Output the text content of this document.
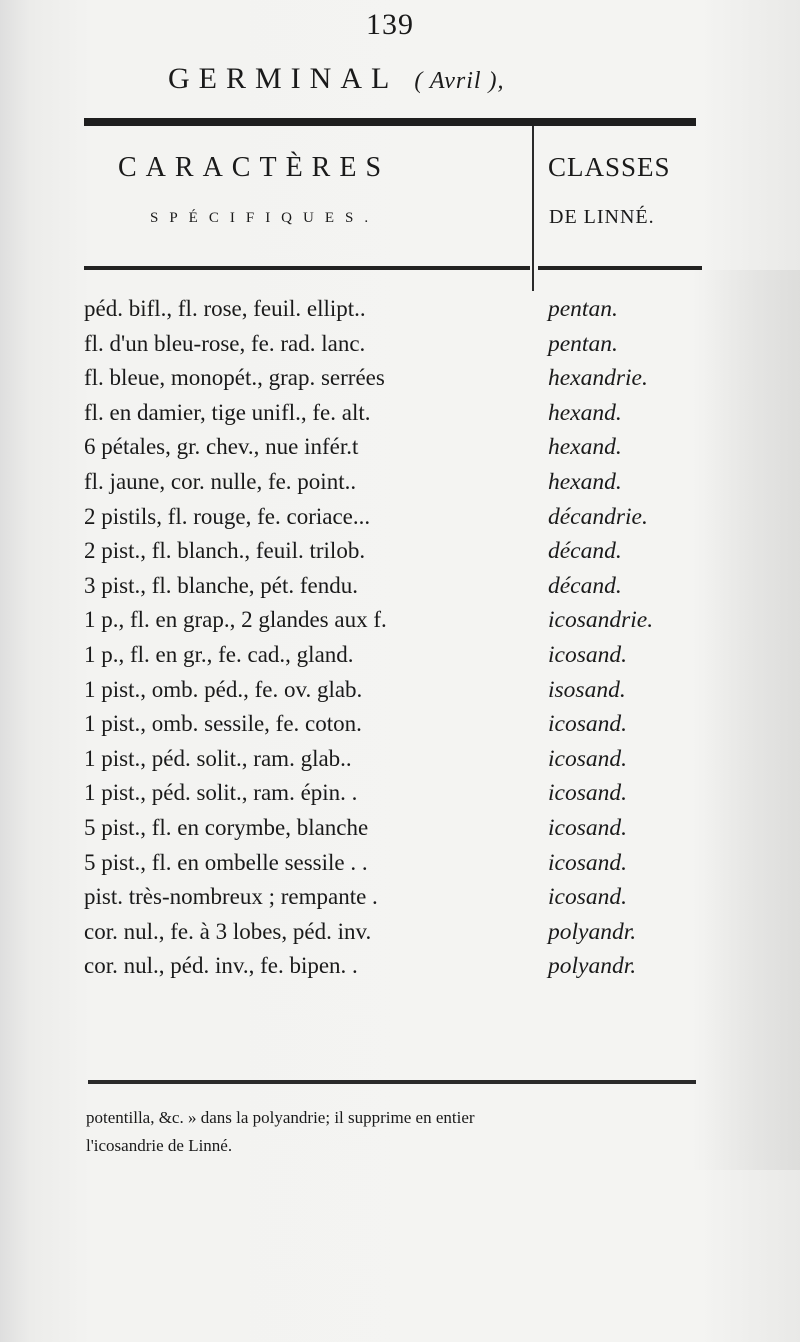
139
GERMINAL ( Avril ),
CARACTÈRES
SPÉCIFIQUES.
CLASSES
DE LINNÉ.
péd. bifl., fl. rose, feuil. ellipt..	pentan.
fl. d'un bleu-rose, fe. rad. lanc.	pentan.
fl. bleue, monopét., grap. serrées	hexandrie.
fl. en damier, tige unifl., fe. alt.	hexand.
6 pétales, gr. chev., nue infér.t	hexand.
fl. jaune, cor. nulle, fe. point..	hexand.
2 pistils, fl. rouge, fe. coriace...	décandrie.
2 pist., fl. blanch., feuil. trilob.	décand.
3 pist., fl. blanche, pét. fendu.	décand.
1 p., fl. en grap., 2 glandes aux f.	icosandrie.
1 p., fl. en gr., fe. cad., gland.	icosand.
1 pist., omb. péd., fe. ov. glab.	isosand.
1 pist., omb. sessile, fe. coton.	icosand.
1 pist., péd. solit., ram. glab..	icosand.
1 pist., péd. solit., ram. épin. .	icosand.
5 pist., fl. en corymbe, blanche	icosand.
5 pist., fl. en ombelle sessile . .	icosand.
pist. très-nombreux ; rempante .	icosand.
cor. nul., fe. à 3 lobes, péd. inv.	polyandr.
cor. nul., péd. inv., fe. bipen. .	polyandr.
potentilla, &c. » dans la polyandrie; il supprime en entier
l'icosandrie de Linné.
